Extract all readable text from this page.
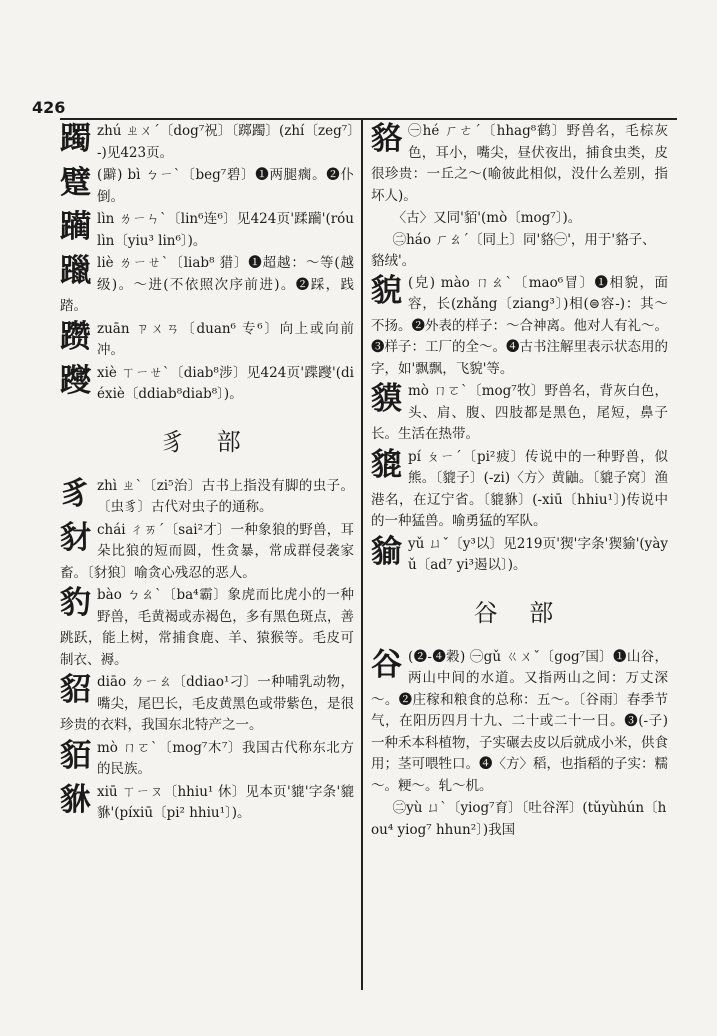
426
躅 zhú ㄓㄨˊ〔dog⁷祝〕〔踯躅〕(zhí〔zeg⁷〕-)见423页。
躄 (躃) bì ㄅㄧˋ〔beg⁷碧〕❶两腿瘸。❷仆倒。
躏 lìn ㄌㄧㄣˋ〔lin⁶连⁶〕见424页'蹂躏'(róulìn〔yiu³ lin⁶〕)。
躐 liè ㄌㄧㄝˋ〔liab⁸ 猎〕❶超越：～等(越级)。～进(不依照次序前进)。❷踩，践踏。
躜 zuān ㄗㄨㄢ〔duan⁶ 专⁶〕向上或向前冲。
躞 xiè ㄒㄧㄝˋ〔diab⁸涉〕见424页'蹀躞'(diéxiè〔ddiab⁸diab⁸〕)。
豸 部
豸 zhì ㄓˋ〔zi⁵治〕古书上指没有脚的虫子。〔虫豸〕古代对虫子的通称。
豺 chái ㄔㄞˊ〔sai²才〕一种象狼的野兽，耳朵比狼的短而圆，性贪暴，常成群侵袭家畜。〔豺狼〕喻贪心残忍的恶人。
豹 bào ㄅㄠˋ〔ba⁴霸〕象虎而比虎小的一种野兽，毛黄褐或赤褐色，多有黑色斑点，善跳跃，能上树，常捕食鹿、羊、猿猴等。毛皮可制衣、褥。
貂 diāo ㄉㄧㄠ〔ddiao¹刁〕一种哺乳动物，嘴尖，尾巴长，毛皮黄黑色或带紫色，是很珍贵的衣料，我国东北特产之一。
貊 mò ㄇㄛˋ〔mog⁷木⁷〕我国古代称东北方的民族。
貅 xiū ㄒㄧㄡ〔hhiu¹ 休〕见本页'貔'字条'貔貅'(píxiū〔pi² hhiu¹〕)。
貉 ㊀hé ㄏㄜˊ〔hhag⁸鹤〕野兽名，毛棕灰色，耳小，嘴尖，昼伏夜出，捕食虫类，皮很珍贵：一丘之～(喻彼此相似，没什么差别，指坏人)。
〈古〉又同'貊'(mò〔mog⁷〕)。
㊁háo ㄏㄠˊ〔同上〕同'貉㊀'，用于'貉子、貉绒'。
貌 (皃) mào ㄇㄠˋ〔mao⁶冒〕❶相貌，面容，长(zhǎng〔ziang³〕)相(⊜容-)：其～不扬。❷外表的样子：～合神离。他对人有礼～。❸样子：工厂的全～。❹古书注解里表示状态用的字，如'飘飘，飞貌'等。
貘 mò ㄇㄛˋ〔mog⁷牧〕野兽名，背灰白色，头、肩、腹、四肢都是黑色，尾短，鼻子长。生活在热带。
貔 pí ㄆㄧˊ〔pi²疲〕传说中的一种野兽，似熊。〔貔子〕(-zi)〈方〉黄鼬。〔貔子窝〕渔港名，在辽宁省。〔貔貅〕(-xiū〔hhiu¹〕)传说中的一种猛兽。喻勇猛的军队。
貐 yǔ ㄩˇ〔y³以〕见219页'猰'字条'猰貐'(yàyǔ〔ad⁷ yi³遏以〕)。
谷 部
谷 (❷-❹穀) ㊀gǔ ㄍㄨˇ〔gog⁷国〕❶山谷，两山中间的水道。又指两山之间：万丈深～。❷庄稼和粮食的总称：五～。〔谷雨〕春季节气，在阳历四月十九、二十或二十一日。❸(-子)一种禾本科植物，子实碾去皮以后就成小米，供食用；茎可喂牲口。❹〈方〉稻，也指稻的子实：糯～。粳～。轧～机。
㊁yù ㄩˋ〔yiog⁷育〕〔吐谷浑〕(tǔyùhún〔hou⁴ yiog⁷ hhun²〕)我国
